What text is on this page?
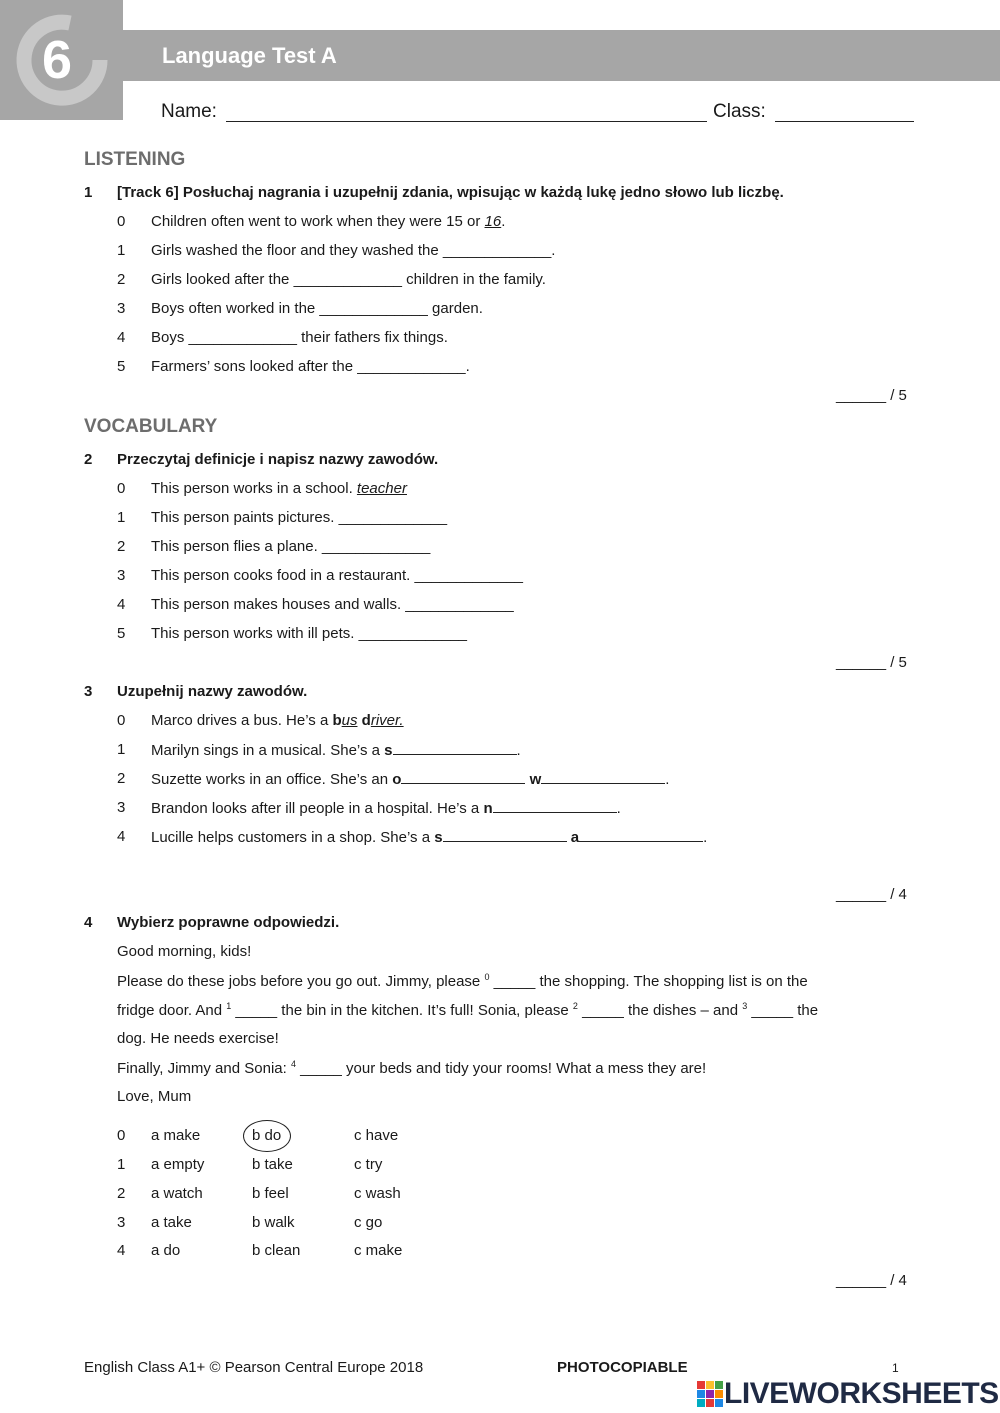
6	Language Test A
Name:	Class:
LISTENING
1 [Track 6] Posłuchaj nagrania i uzupełnij zdania, wpisując w każdą lukę jedno słowo lub liczbę.
0 Children often went to work when they were 15 or 16.
1 Girls washed the floor and they washed the _____________.
2 Girls looked after the _____________ children in the family.
3 Boys often worked in the _____________ garden.
4 Boys _____________ their fathers fix things.
5 Farmers’ sons looked after the _____________.
______ / 5
VOCABULARY
2 Przeczytaj definicje i napisz nazwy zawodów.
0 This person works in a school. teacher
1 This person paints pictures. _____________
2 This person flies a plane. _____________
3 This person cooks food in a restaurant. _____________
4 This person makes houses and walls. _____________
5 This person works with ill pets. _____________
______ / 5
3 Uzupełnij nazwy zawodów.
0 Marco drives a bus. He’s a bus driver.
1 Marilyn sings in a musical. She’s a s	.
2 Suzette works in an office. She’s an o	w	.
3 Brandon looks after ill people in a hospital. He’s a n	.
4 Lucille helps customers in a shop. She’s a s	a	.
______ / 4
4 Wybierz poprawne odpowiedzi.
Good morning, kids!
Please do these jobs before you go out. Jimmy, please $^0$ _____ the shopping. The shopping list is on the
fridge door. And $^1$ _____ the bin in the kitchen. It’s full! Sonia, please $^2$ _____ the dishes – and $^3$ _____ the
dog. He needs exercise!
Finally, Jimmy and Sonia: $^4$ _____ your beds and tidy your rooms! What a mess they are!
Love, Mum
0 a make	b do	c have
1 a empty	b take	c try
2 a watch	b feel	c wash
3 a take	b walk	c go
4 a do	b clean	c make
______ / 4
English Class A1+ © Pearson Central Europe 2018	PHOTOCOPIABLE	1
LIVEWORKSHEETS
